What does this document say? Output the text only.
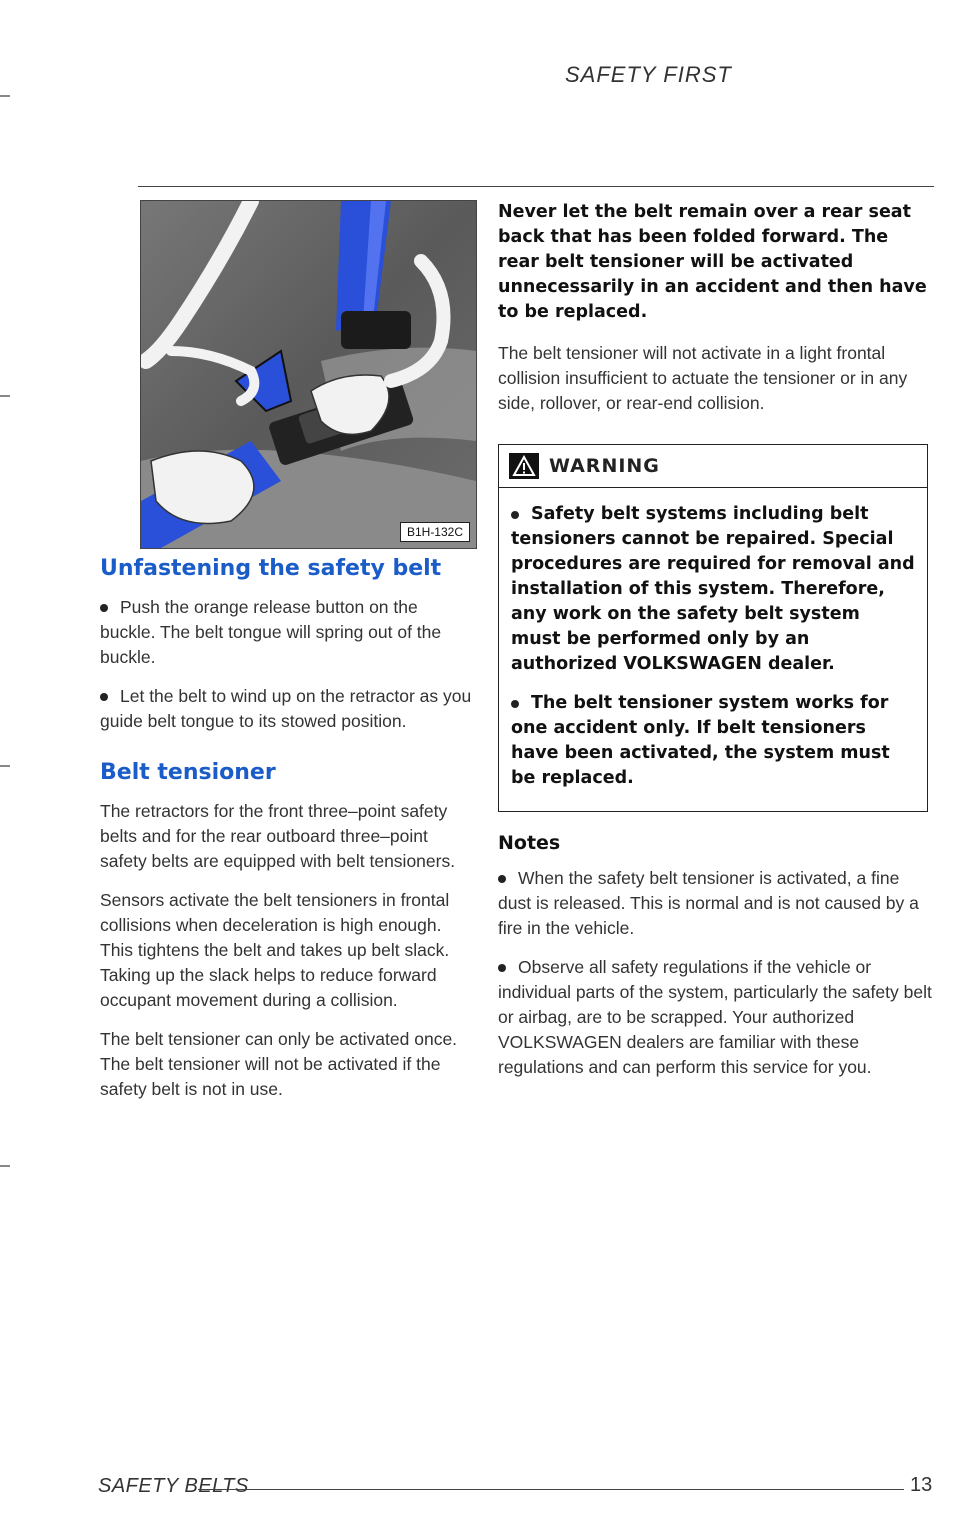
SAFETY FIRST
B1H-132C
Unfastening the safety belt

Push the orange release button on the buckle. The belt tongue will spring out of the buckle.

Let the belt to wind up on the retractor as you guide belt tongue to its stowed position.

Belt tensioner

The retractors for the front three–point safety belts and for the rear outboard three–point safety belts are equipped with belt tensioners.

Sensors activate the belt tensioners in frontal collisions when deceleration is high enough. This tightens the belt and takes up belt slack. Taking up the slack helps to reduce forward occupant movement during a collision.

The belt tensioner can only be activated once. The belt tensioner will not be activated if the safety belt is not in use.

Never let the belt remain over a rear seat back that has been folded forward. The rear belt tensioner will be activated unnecessarily in an accident and then have to be replaced.

The belt tensioner will not activate in a light frontal collision insufficient to actuate the tensioner or in any side, rollover, or rear-end collision.

WARNING

Safety belt systems including belt tensioners cannot be repaired. Special procedures are required for removal and installation of this system. Therefore, any work on the safety belt system must be performed only by an authorized VOLKSWAGEN dealer.

The belt tensioner system works for one accident only. If belt tensioners have been activated, the system must be replaced.

Notes

When the safety belt tensioner is activated, a fine dust is released. This is normal and is not caused by a fire in the vehicle.

Observe all safety regulations if the vehicle or individual parts of the system, particularly the safety belt or airbag, are to be scrapped. Your authorized VOLKSWAGEN dealers are familiar with these regulations and can perform this service for you.

SAFETY BELTS	13
